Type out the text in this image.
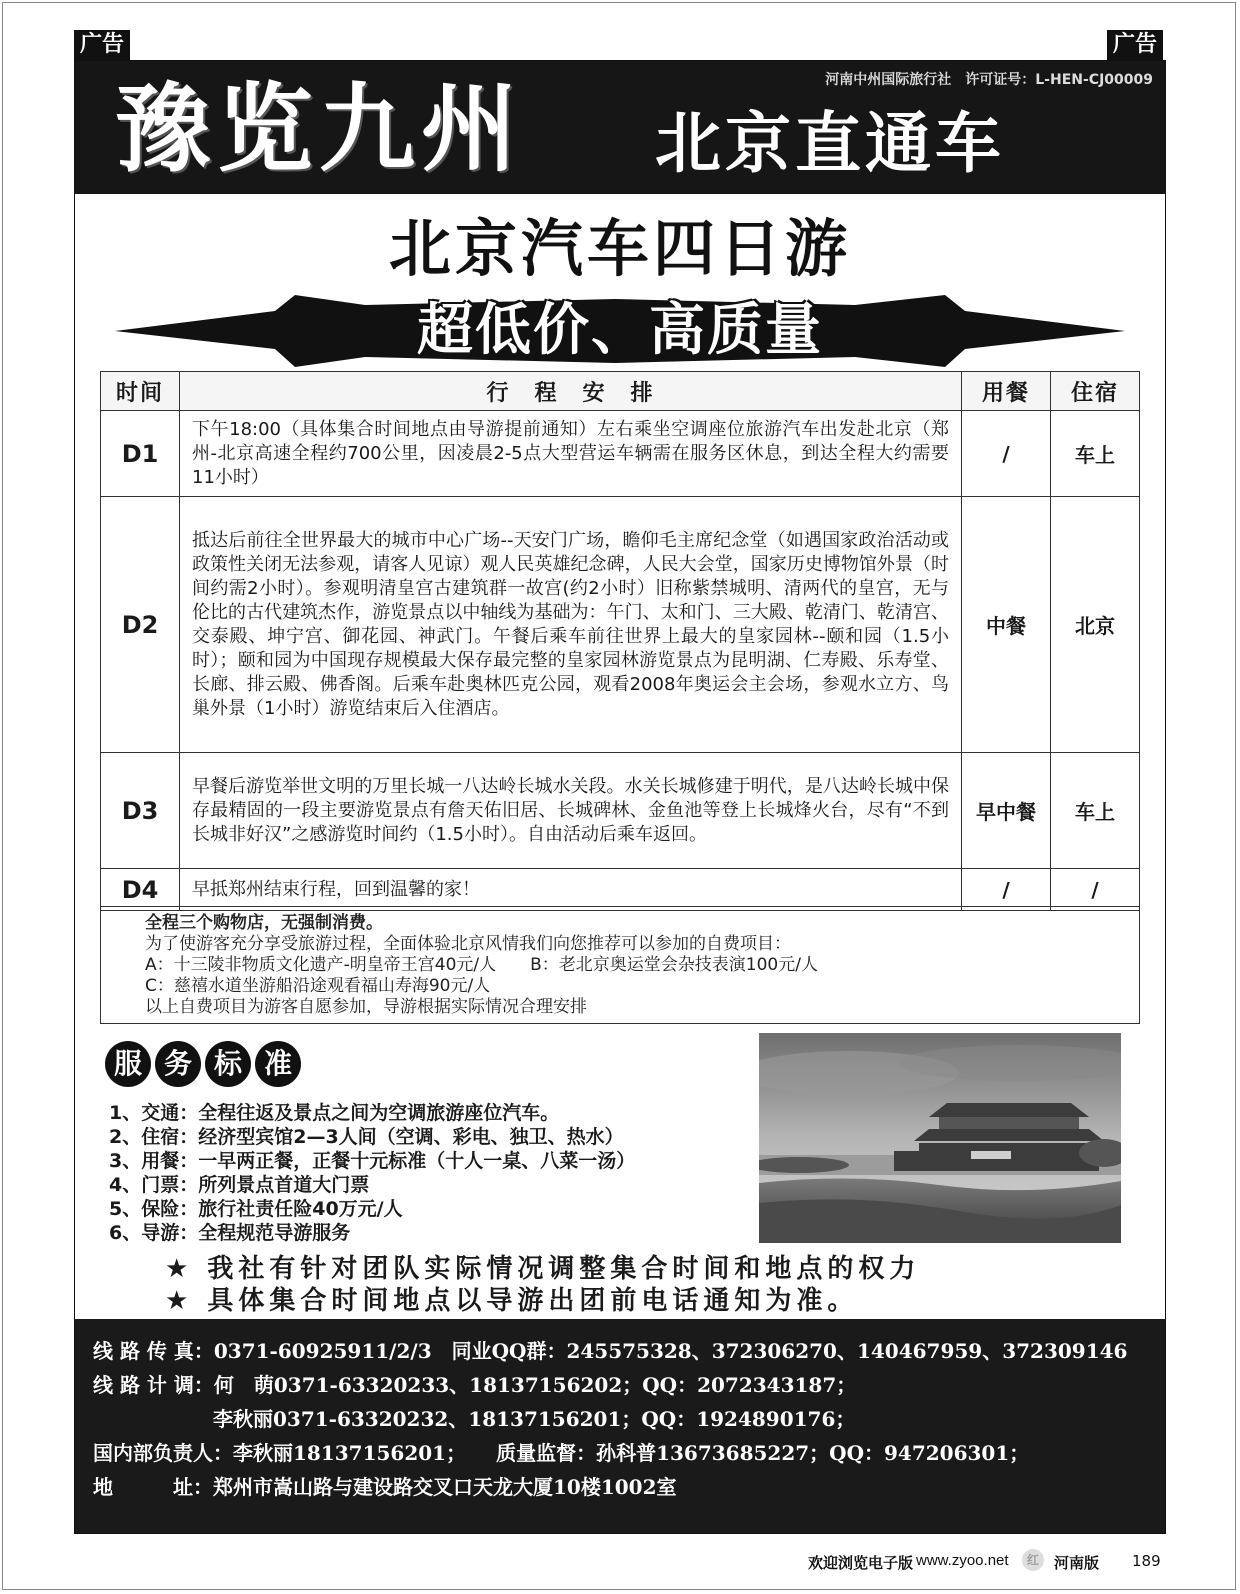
广告	广告
豫览九州 北京直通车
河南中州国际旅行社　许可证号：L-HEN-CJ00009
北京汽车四日游
超低价、高质量
时间	行　程　安　排	用餐	住宿
D1	下午18:00（具体集合时间地点由导游提前通知）左右乘坐空调座位旅游汽车出发赴北京（郑州-北京高速全程约700公里，因凌晨2-5点大型营运车辆需在服务区休息，到达全程大约需要11小时）	/	车上
D2	抵达后前往全世界最大的城市中心广场--天安门广场，瞻仰毛主席纪念堂（如遇国家政治活动或政策性关闭无法参观，请客人见谅）观人民英雄纪念碑，人民大会堂，国家历史博物馆外景（时间约需2小时）。参观明清皇宫古建筑群一故宫(约2小时）旧称紫禁城明、清两代的皇宫，无与伦比的古代建筑杰作，游览景点以中轴线为基础为：午门、太和门、三大殿、乾清门、乾清宫、交泰殿、坤宁宫、御花园、神武门。午餐后乘车前往世界上最大的皇家园林--颐和园（1.5小时）；颐和园为中国现存规模最大保存最完整的皇家园林游览景点为昆明湖、仁寿殿、乐寿堂、长廊、排云殿、佛香阁。后乘车赴奥林匹克公园，观看2008年奥运会主会场，参观水立方、鸟巢外景（1小时）游览结束后入住酒店。	中餐	北京
D3	早餐后游览举世文明的万里长城一八达岭长城水关段。水关长城修建于明代，是八达岭长城中保存最精固的一段主要游览景点有詹天佑旧居、长城碑林、金鱼池等登上长城烽火台，尽有“不到长城非好汉”之感游览时间约（1.5小时）。自由活动后乘车返回。	早中餐	车上
D4	早抵郑州结束行程，回到温馨的家！	/	/
全程三个购物店，无强制消费。
为了使游客充分享受旅游过程，全面体验北京风情我们向您推荐可以参加的自费项目：
A：十三陵非物质文化遗产-明皇帝王宫40元/人　　B：老北京奥运堂会杂技表演100元/人
C：慈禧水道坐游船沿途观看福山寿海90元/人
以上自费项目为游客自愿参加，导游根据实际情况合理安排
服 务 标 准
1、交通：全程往返及景点之间为空调旅游座位汽车。
2、住宿：经济型宾馆2—3人间（空调、彩电、独卫、热水）
3、用餐：一早两正餐，正餐十元标准（十人一桌、八菜一汤）
4、门票：所列景点首道大门票
5、保险：旅行社责任险40万元/人
6、导游：全程规范导游服务
★ 我社有针对团队实际情况调整集合时间和地点的权力
★ 具体集合时间地点以导游出团前电话通知为准。
线 路 传 真：0371-60925911/2/3　同业QQ群：245575328、372306270、140467959、372309146
线 路 计 调：何　萌0371-63320233、18137156202；QQ：2072343187；
　　　　　　李秋丽0371-63320232、18137156201；QQ：1924890176；
国内部负责人：李秋丽18137156201；　　质量监督：孙科普13673685227；QQ：947206301；
地　　　址：郑州市嵩山路与建设路交叉口天龙大厦10楼1002室
欢迎浏览电子版 www.zyoo.net	红	河南版 189
